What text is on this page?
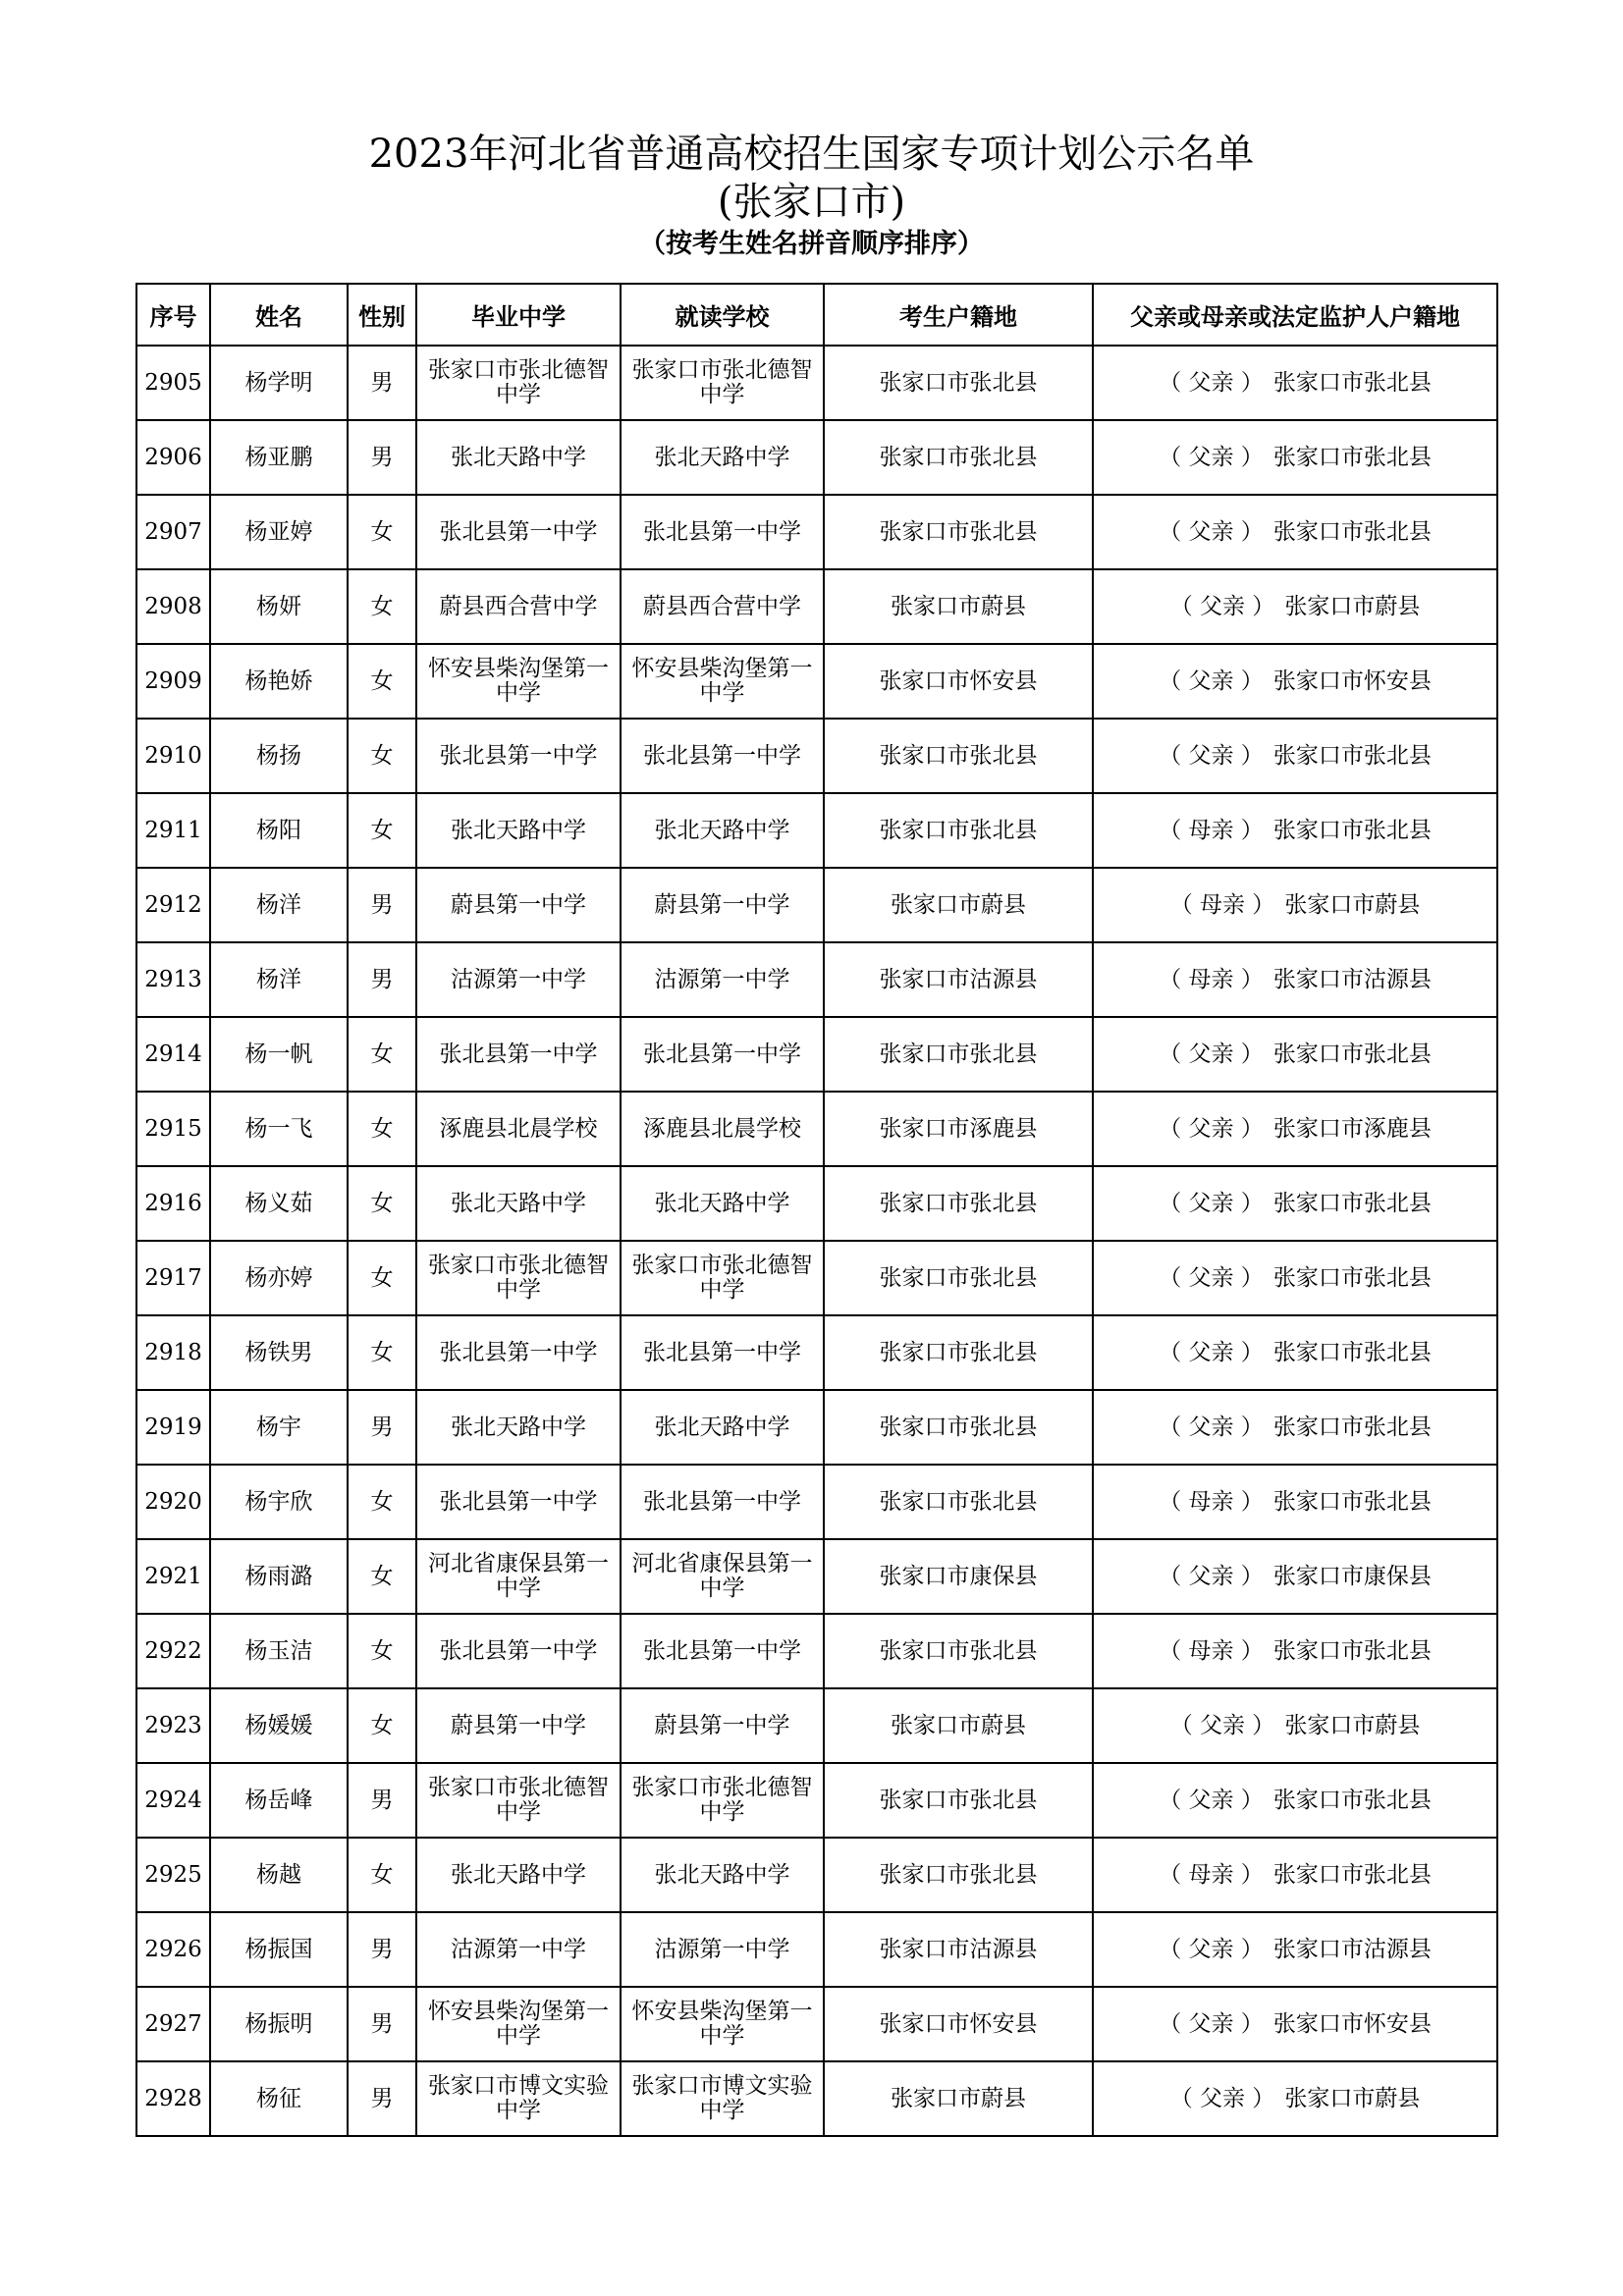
2023年河北省普通高校招生国家专项计划公示名单

(张家口市)

（按考生姓名拼音顺序排序）

序号	姓名	性别	毕业中学	就读学校	考生户籍地	父亲或母亲或法定监护人户籍地
2905	杨学明	男	张家口市张北德智中学	张家口市张北德智中学	张家口市张北县	（ 父亲 ） 张家口市张北县
2906	杨亚鹏	男	张北天路中学	张北天路中学	张家口市张北县	（ 父亲 ） 张家口市张北县
2907	杨亚婷	女	张北县第一中学	张北县第一中学	张家口市张北县	（ 父亲 ） 张家口市张北县
2908	杨妍	女	蔚县西合营中学	蔚县西合营中学	张家口市蔚县	（ 父亲 ） 张家口市蔚县
2909	杨艳娇	女	怀安县柴沟堡第一中学	怀安县柴沟堡第一中学	张家口市怀安县	（ 父亲 ） 张家口市怀安县
2910	杨扬	女	张北县第一中学	张北县第一中学	张家口市张北县	（ 父亲 ） 张家口市张北县
2911	杨阳	女	张北天路中学	张北天路中学	张家口市张北县	（ 母亲 ） 张家口市张北县
2912	杨洋	男	蔚县第一中学	蔚县第一中学	张家口市蔚县	（ 母亲 ） 张家口市蔚县
2913	杨洋	男	沽源第一中学	沽源第一中学	张家口市沽源县	（ 母亲 ） 张家口市沽源县
2914	杨一帆	女	张北县第一中学	张北县第一中学	张家口市张北县	（ 父亲 ） 张家口市张北县
2915	杨一飞	女	涿鹿县北晨学校	涿鹿县北晨学校	张家口市涿鹿县	（ 父亲 ） 张家口市涿鹿县
2916	杨义茹	女	张北天路中学	张北天路中学	张家口市张北县	（ 父亲 ） 张家口市张北县
2917	杨亦婷	女	张家口市张北德智中学	张家口市张北德智中学	张家口市张北县	（ 父亲 ） 张家口市张北县
2918	杨铁男	女	张北县第一中学	张北县第一中学	张家口市张北县	（ 父亲 ） 张家口市张北县
2919	杨宇	男	张北天路中学	张北天路中学	张家口市张北县	（ 父亲 ） 张家口市张北县
2920	杨宇欣	女	张北县第一中学	张北县第一中学	张家口市张北县	（ 母亲 ） 张家口市张北县
2921	杨雨潞	女	河北省康保县第一中学	河北省康保县第一中学	张家口市康保县	（ 父亲 ） 张家口市康保县
2922	杨玉洁	女	张北县第一中学	张北县第一中学	张家口市张北县	（ 母亲 ） 张家口市张北县
2923	杨媛媛	女	蔚县第一中学	蔚县第一中学	张家口市蔚县	（ 父亲 ） 张家口市蔚县
2924	杨岳峰	男	张家口市张北德智中学	张家口市张北德智中学	张家口市张北县	（ 父亲 ） 张家口市张北县
2925	杨越	女	张北天路中学	张北天路中学	张家口市张北县	（ 母亲 ） 张家口市张北县
2926	杨振国	男	沽源第一中学	沽源第一中学	张家口市沽源县	（ 父亲 ） 张家口市沽源县
2927	杨振明	男	怀安县柴沟堡第一中学	怀安县柴沟堡第一中学	张家口市怀安县	（ 父亲 ） 张家口市怀安县
2928	杨征	男	张家口市博文实验中学	张家口市博文实验中学	张家口市蔚县	（ 父亲 ） 张家口市蔚县
